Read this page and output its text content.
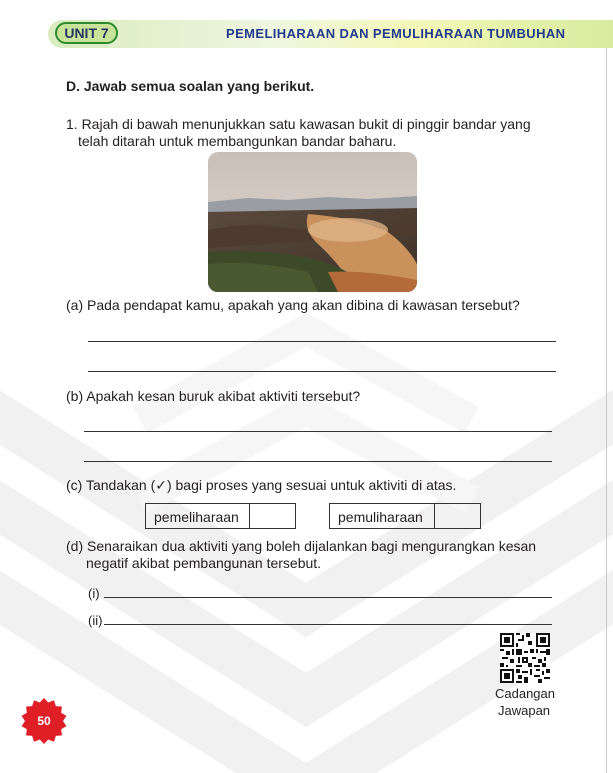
UNIT 7	PEMELIHARAAN DAN PEMULIHARAAN TUMBUHAN
D. Jawab semua soalan yang berikut.
1. Rajah di bawah menunjukkan satu kawasan bukit di pinggir bandar yang
telah ditarah untuk membangunkan bandar baharu.
(a) Pada pendapat kamu, apakah yang akan dibina di kawasan tersebut?
(b) Apakah kesan buruk akibat aktiviti tersebut?
(c) Tandakan (✓) bagi proses yang sesuai untuk aktiviti di atas.
pemeliharaan	pemuliharaan
(d) Senaraikan dua aktiviti yang boleh dijalankan bagi mengurangkan kesan
negatif akibat pembangunan tersebut.
(i)
(ii)
Cadangan
Jawapan
50
